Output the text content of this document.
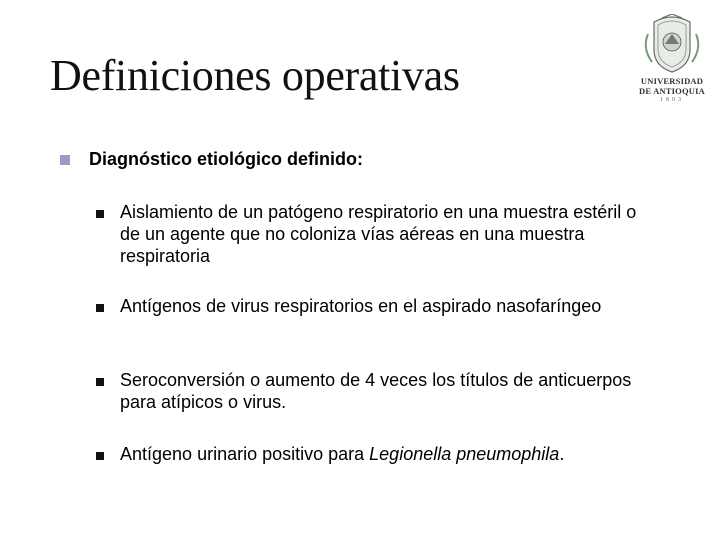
Definiciones operativas	UNIVERSIDAD
DE ANTIOQUIA
1803
Diagnóstico etiológico definido:
Aislamiento de un patógeno respiratorio en una muestra estéril o de un agente que no coloniza vías aéreas en una muestra respiratoria
Antígenos de virus respiratorios en el aspirado nasofaríngeo
Seroconversión o aumento de 4 veces los títulos de anticuerpos para atípicos o virus.
Antígeno urinario positivo para Legionella pneumophila.
